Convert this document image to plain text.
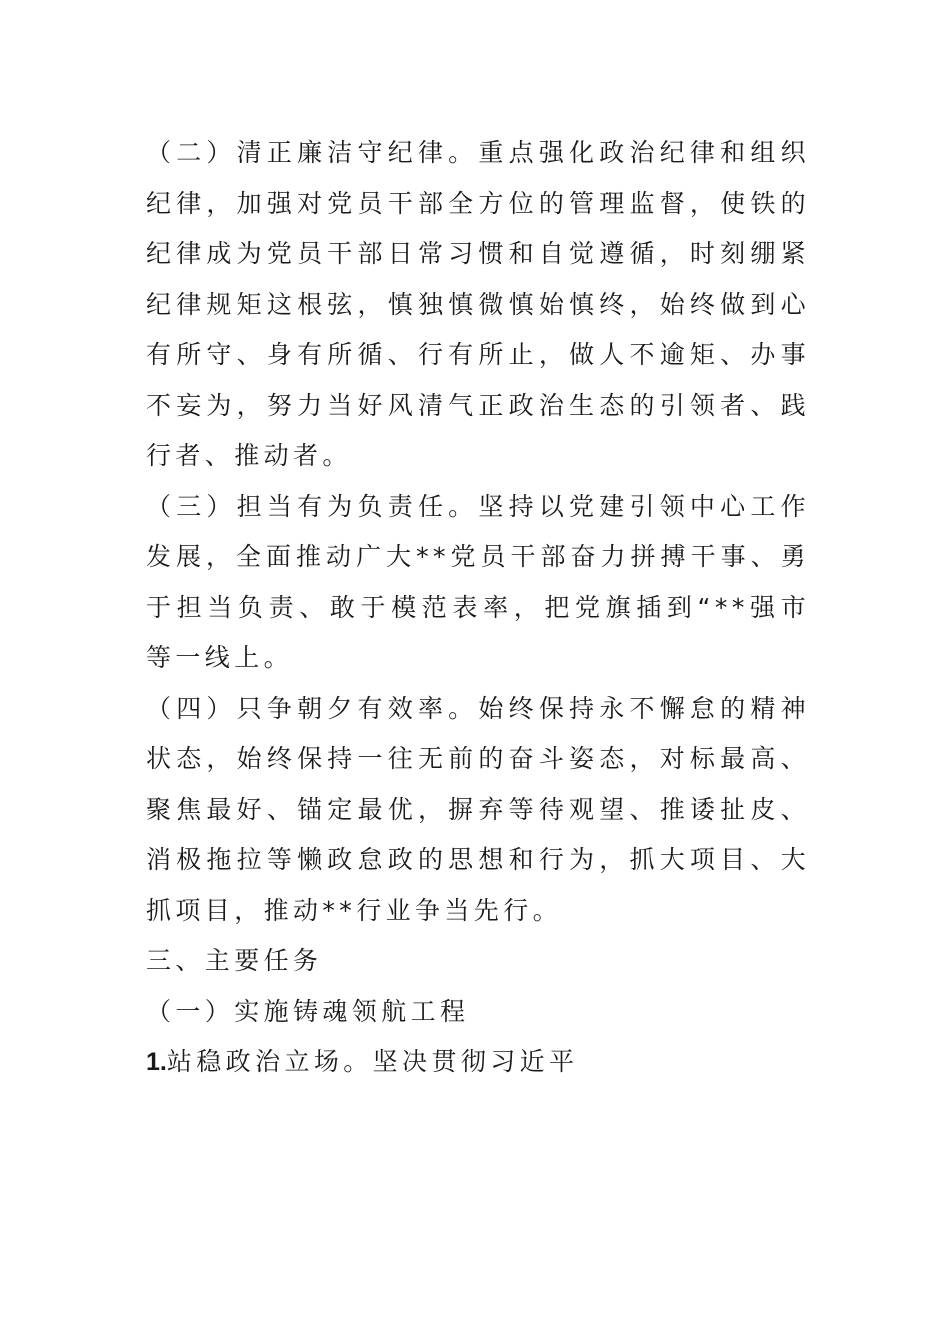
（二）清正廉洁守纪律。重点强化政治纪律和组织纪律，加强对党员干部全方位的管理监督，使铁的纪律成为党员干部日常习惯和自觉遵循，时刻绷紧纪律规矩这根弦，慎独慎微慎始慎终，始终做到心有所守、身有所循、行有所止，做人不逾矩、办事不妄为，努力当好风清气正政治生态的引领者、践行者、推动者。

（三）担当有为负责任。坚持以党建引领中心工作发展，全面推动广大**党员干部奋力拼搏干事、勇于担当负责、敢于模范表率，把党旗插到“**强市等一线上。

（四）只争朝夕有效率。始终保持永不懈怠的精神状态，始终保持一往无前的奋斗姿态，对标最高、聚焦最好、锚定最优，摒弃等待观望、推诿扯皮、消极拖拉等懒政怠政的思想和行为，抓大项目、大抓项目，推动**行业争当先行。

三、主要任务

（一）实施铸魂领航工程

1.站稳政治立场。坚决贯彻习近平
